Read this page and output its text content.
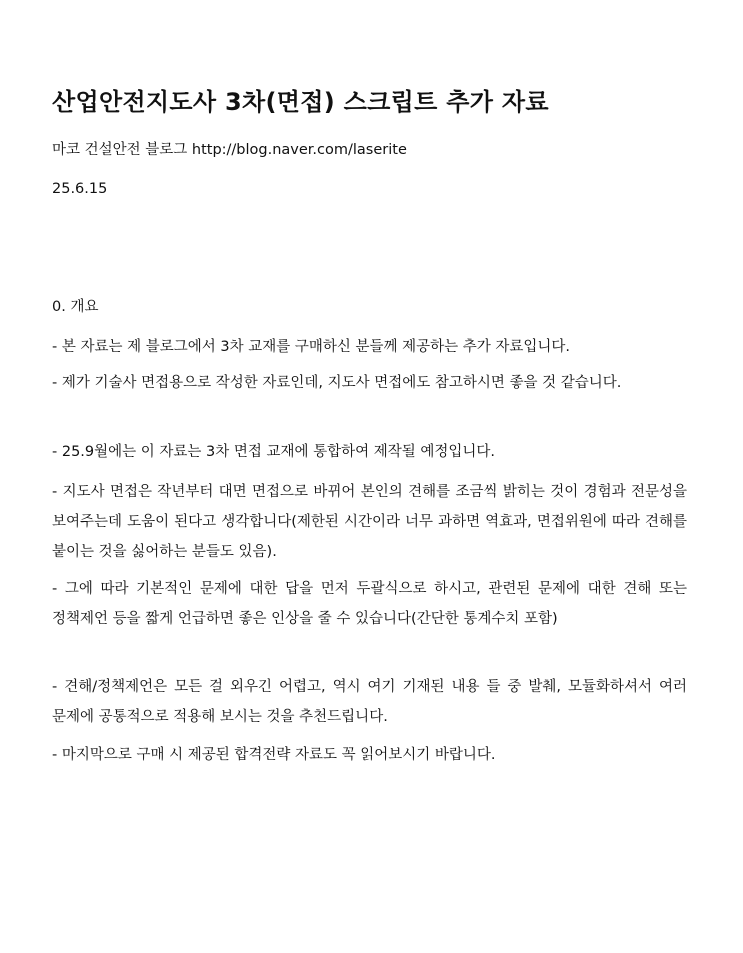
산업안전지도사 3차(면접) 스크립트 추가 자료
마코 건설안전 블로그 http://blog.naver.com/laserite
25.6.15
0. 개요

- 본 자료는 제 블로그에서 3차 교재를 구매하신 분들께 제공하는 추가 자료입니다.

- 제가 기술사 면접용으로 작성한 자료인데, 지도사 면접에도 참고하시면 좋을 것 같습니다.

- 25.9월에는 이 자료는 3차 면접 교재에 통합하여 제작될 예정입니다.

- 지도사 면접은 작년부터 대면 면접으로 바뀌어 본인의 견해를 조금씩 밝히는 것이 경험과 전문성을 보여주는데 도움이 된다고 생각합니다(제한된 시간이라 너무 과하면 역효과, 면접위원에 따라 견해를 붙이는 것을 싫어하는 분들도 있음).

- 그에 따라 기본적인 문제에 대한 답을 먼저 두괄식으로 하시고, 관련된 문제에 대한 견해 또는 정책제언 등을 짧게 언급하면 좋은 인상을 줄 수 있습니다(간단한 통계수치 포함)

- 견해/정책제언은 모든 걸 외우긴 어렵고, 역시 여기 기재된 내용 들 중 발췌, 모듈화하셔서 여러 문제에 공통적으로 적용해 보시는 것을 추천드립니다.

- 마지막으로 구매 시 제공된 합격전략 자료도 꼭 읽어보시기 바랍니다.
